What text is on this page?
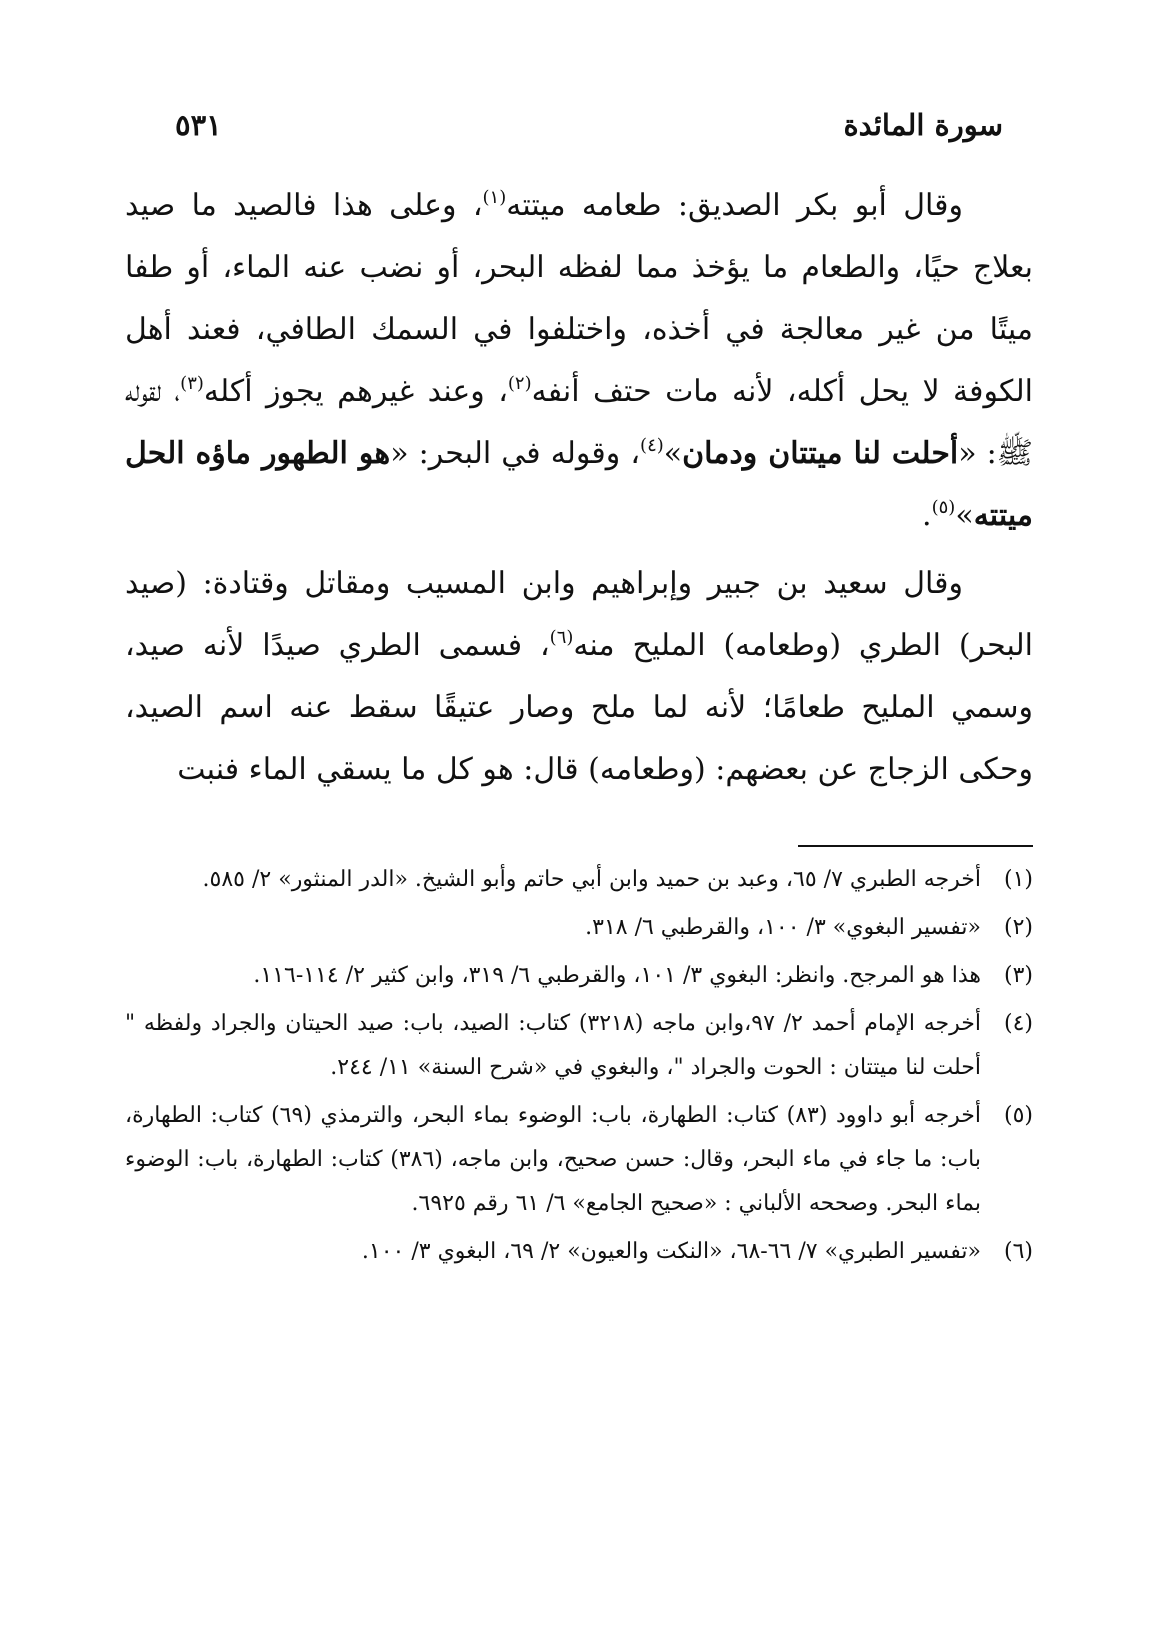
سورة المائدة
٥٣١

وقال أبو بكر الصديق: طعامه ميتته$^{(١)}$، وعلى هذا فالصيد ما صيد بعلاج حيًا، والطعام ما يؤخذ مما لفظه البحر، أو نضب عنه الماء، أو طفا ميتًا من غير معالجة في أخذه، واختلفوا في السمك الطافي، فعند أهل الكوفة لا يحل أكله، لأنه مات حتف أنفه$^{(٢)}$، وعند غيرهم يجوز أكله$^{(٣)}$، لقوله ﷺ: «أحلت لنا ميتتان ودمان»$^{(٤)}$، وقوله في البحر: «هو الطهور ماؤه الحل ميتته»$^{(٥)}$.

وقال سعيد بن جبير وإبراهيم وابن المسيب ومقاتل وقتادة: (صيد البحر) الطري (وطعامه) المليح منه$^{(٦)}$، فسمى الطري صيدًا لأنه صيد، وسمي المليح طعامًا؛ لأنه لما ملح وصار عتيقًا سقط عنه اسم الصيد، وحكى الزجاج عن بعضهم: (وطعامه) قال: هو كل ما يسقي الماء فنبت

(١)
أخرجه الطبري ٧/ ٦٥، وعبد بن حميد وابن أبي حاتم وأبو الشيخ. «الدر المنثور» ٢/ ٥٨٥.
(٢)
«تفسير البغوي» ٣/ ١٠٠، والقرطبي ٦/ ٣١٨.
(٣)
هذا هو المرجح. وانظر: البغوي ٣/ ١٠١، والقرطبي ٦/ ٣١٩، وابن كثير ٢/ ١١٤-١١٦.
(٤)
أخرجه الإمام أحمد ٢/ ٩٧،وابن ماجه (٣٢١٨) كتاب: الصيد، باب: صيد الحيتان والجراد ولفظه " أحلت لنا ميتتان : الحوت والجراد "، والبغوي في «شرح السنة» ١١/ ٢٤٤.
(٥)
أخرجه أبو داوود (٨٣) كتاب: الطهارة، باب: الوضوء بماء البحر، والترمذي (٦٩) كتاب: الطهارة، باب: ما جاء في ماء البحر، وقال: حسن صحيح، وابن ماجه، (٣٨٦) كتاب: الطهارة، باب: الوضوء بماء البحر. وصححه الألباني : «صحيح الجامع» ٦/ ٦١ رقم ٦٩٢٥.
(٦)
«تفسير الطبري» ٧/ ٦٦-٦٨، «النكت والعيون» ٢/ ٦٩، البغوي ٣/ ١٠٠.
